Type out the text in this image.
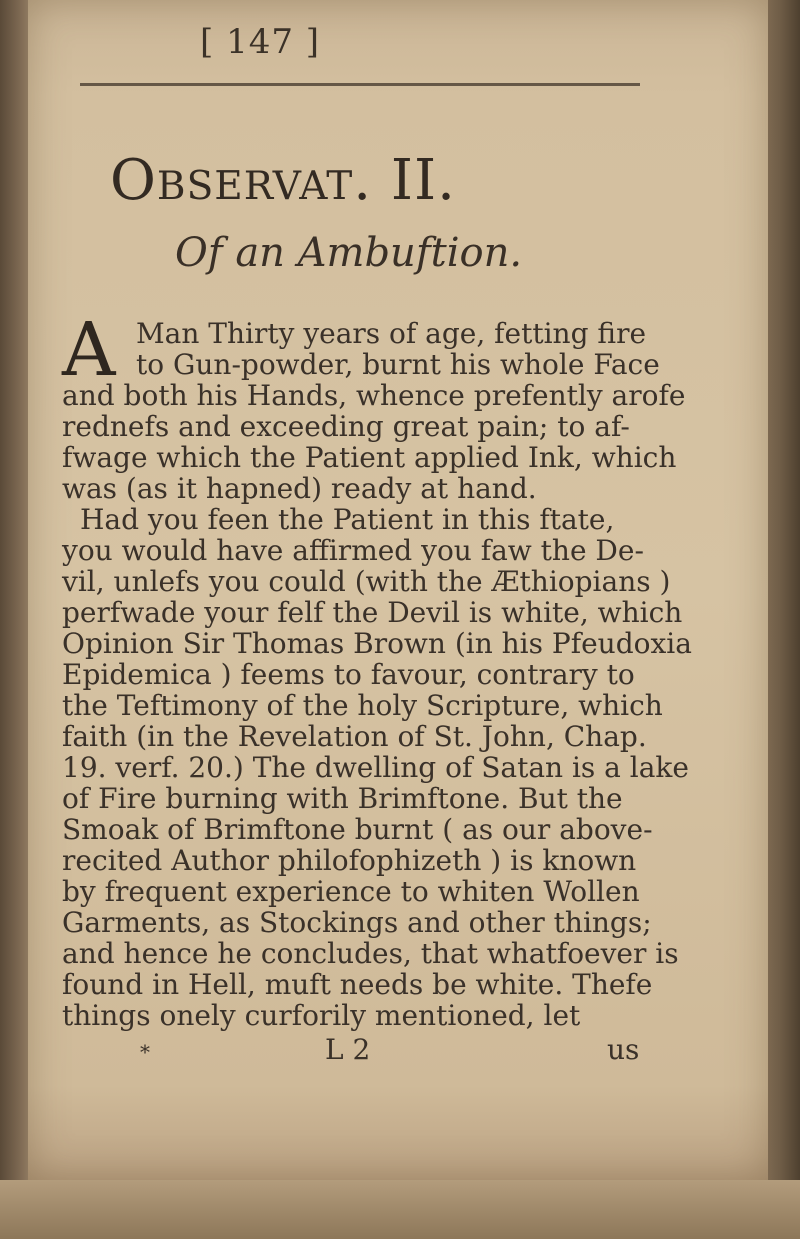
[ 147 ]
Observat. II.
Of an Ambuftion.
A Man Thirty years of age, fetting fire
to Gun-powder, burnt his whole Face
and both his Hands, whence prefently arofe
rednefs and exceeding great pain; to af-
fwage which the Patient applied Ink, which
was (as it hapned) ready at hand.
Had you feen the Patient in this ftate,
you would have affirmed you faw the De-
vil, unlefs you could (with the Æthiopians )
perfwade your felf the Devil is white, which
Opinion Sir Thomas Brown (in his Pfeudoxia
Epidemica ) feems to favour, contrary to
the Teftimony of the holy Scripture, which
faith (in the Revelation of St. John, Chap.
19. verf. 20.) The dwelling of Satan is a lake
of Fire burning with Brimftone. But the
Smoak of Brimftone burnt ( as our above-
recited Author philofophizeth ) is known
by frequent experience to whiten Wollen
Garments, as Stockings and other things;
and hence he concludes, that whatfoever is
found in Hell, muft needs be white. Thefe
things onely curforily mentioned, let
*	L 2	us
